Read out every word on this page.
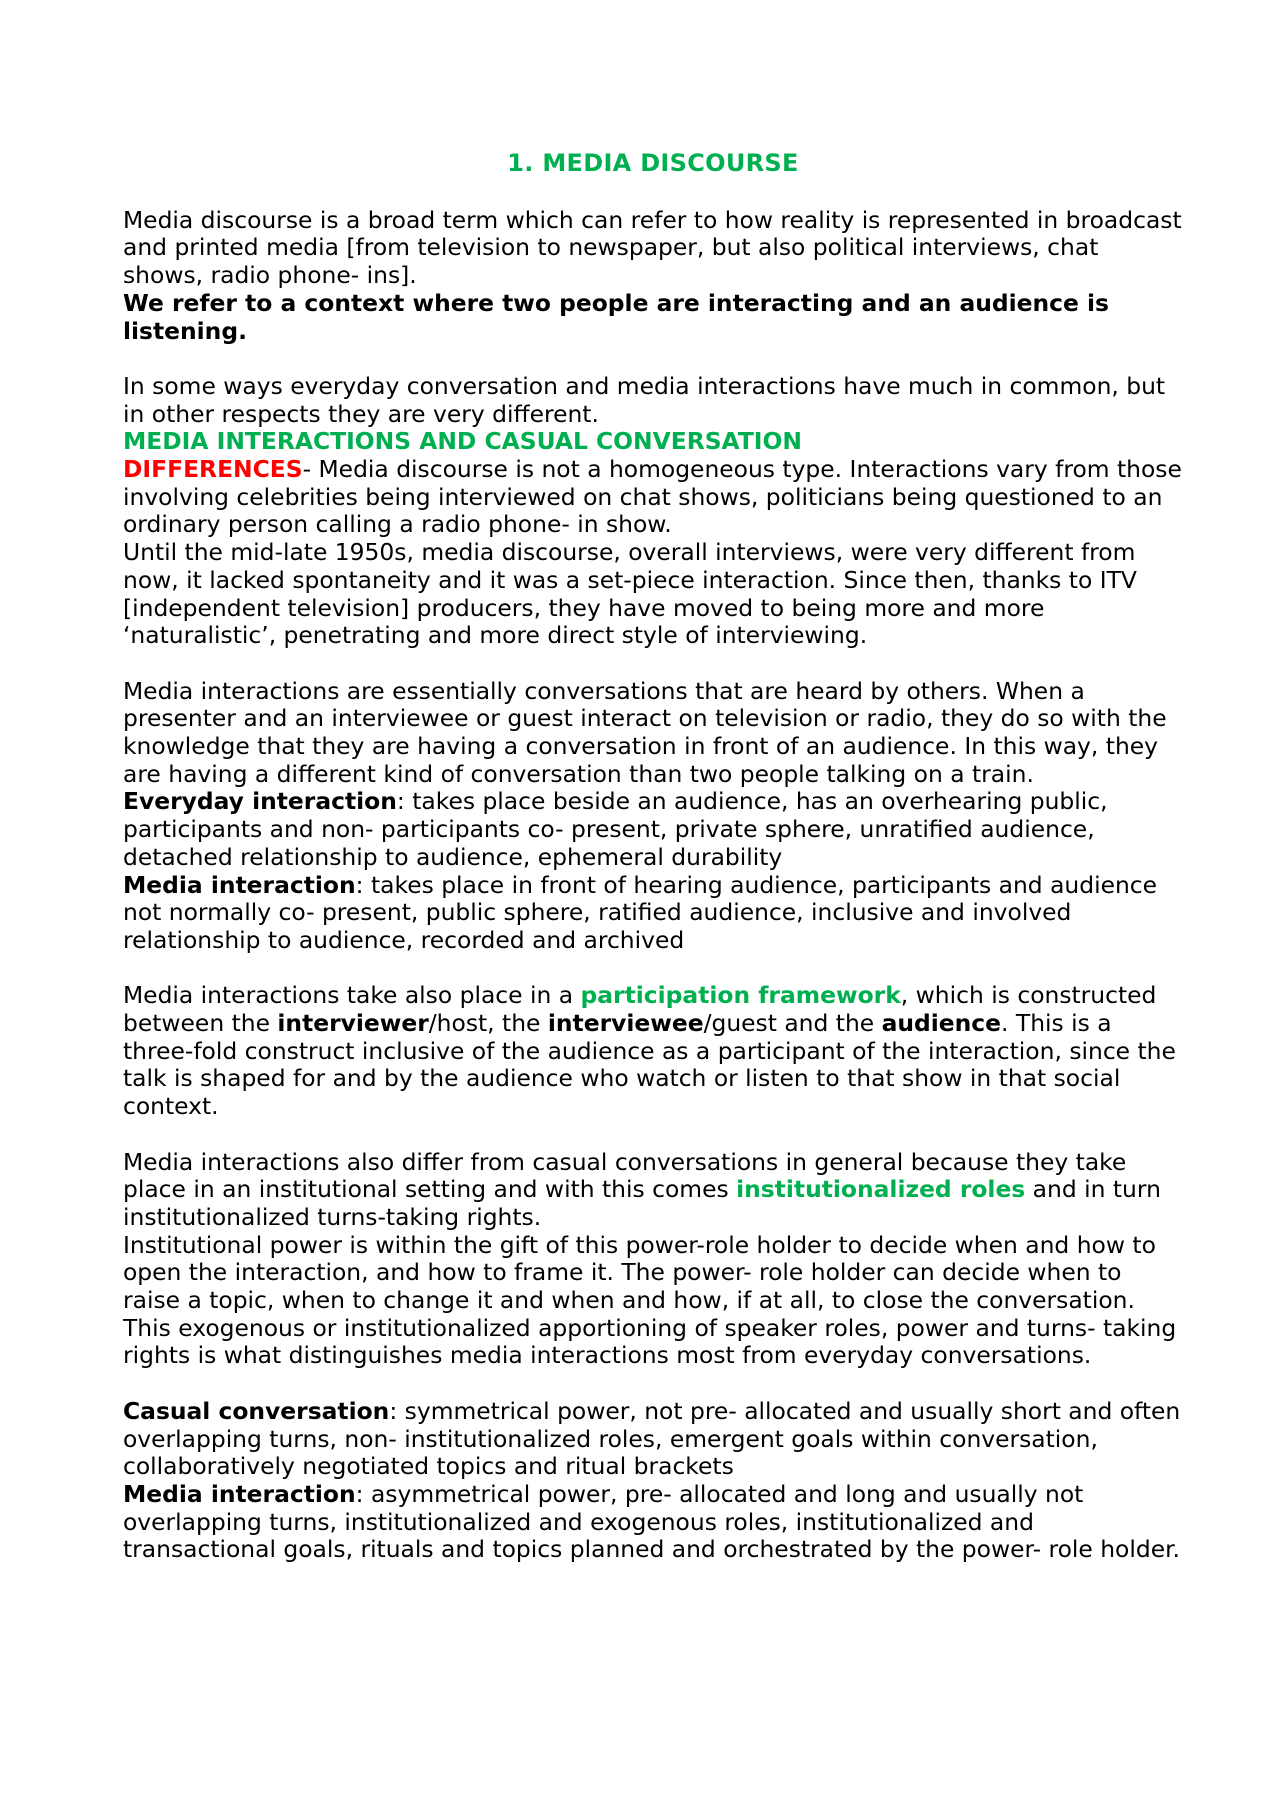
1. MEDIA DISCOURSE

Media discourse is a broad term which can refer to how reality is represented in broadcast and printed media [from television to newspaper, but also political interviews, chat shows, radio phone- ins].

We refer to a context where two people are interacting and an audience is listening.

In some ways everyday conversation and media interactions have much in common, but in other respects they are very different.

MEDIA INTERACTIONS AND CASUAL CONVERSATION

DIFFERENCES- Media discourse is not a homogeneous type. Interactions vary from those involving celebrities being interviewed on chat shows, politicians being questioned to an ordinary person calling a radio phone- in show.

Until the mid-late 1950s, media discourse, overall interviews, were very different from now, it lacked spontaneity and it was a set-piece interaction. Since then, thanks to ITV [independent television] producers, they have moved to being more and more ‘naturalistic’, penetrating and more direct style of interviewing.

Media interactions are essentially conversations that are heard by others. When a presenter and an interviewee or guest interact on television or radio, they do so with the knowledge that they are having a conversation in front of an audience. In this way, they are having a different kind of conversation than two people talking on a train.

Everyday interaction: takes place beside an audience, has an overhearing public, participants and non- participants co- present, private sphere, unratified audience, detached relationship to audience, ephemeral durability

Media interaction: takes place in front of hearing audience, participants and audience not normally co- present, public sphere, ratified audience, inclusive and involved relationship to audience, recorded and archived

Media interactions take also place in a participation framework, which is constructed between the interviewer/host, the interviewee/guest and the audience. This is a three-fold construct inclusive of the audience as a participant of the interaction, since the talk is shaped for and by the audience who watch or listen to that show in that social context.

Media interactions also differ from casual conversations in general because they take place in an institutional setting and with this comes institutionalized roles and in turn institutionalized turns-taking rights.

Institutional power is within the gift of this power-role holder to decide when and how to open the interaction, and how to frame it. The power- role holder can decide when to raise a topic, when to change it and when and how, if at all, to close the conversation. This exogenous or institutionalized apportioning of speaker roles, power and turns- taking rights is what distinguishes media interactions most from everyday conversations.

Casual conversation: symmetrical power, not pre- allocated and usually short and often overlapping turns, non- institutionalized roles, emergent goals within conversation, collaboratively negotiated topics and ritual brackets

Media interaction: asymmetrical power, pre- allocated and long and usually not overlapping turns, institutionalized and exogenous roles, institutionalized and transactional goals, rituals and topics planned and orchestrated by the power- role holder.
